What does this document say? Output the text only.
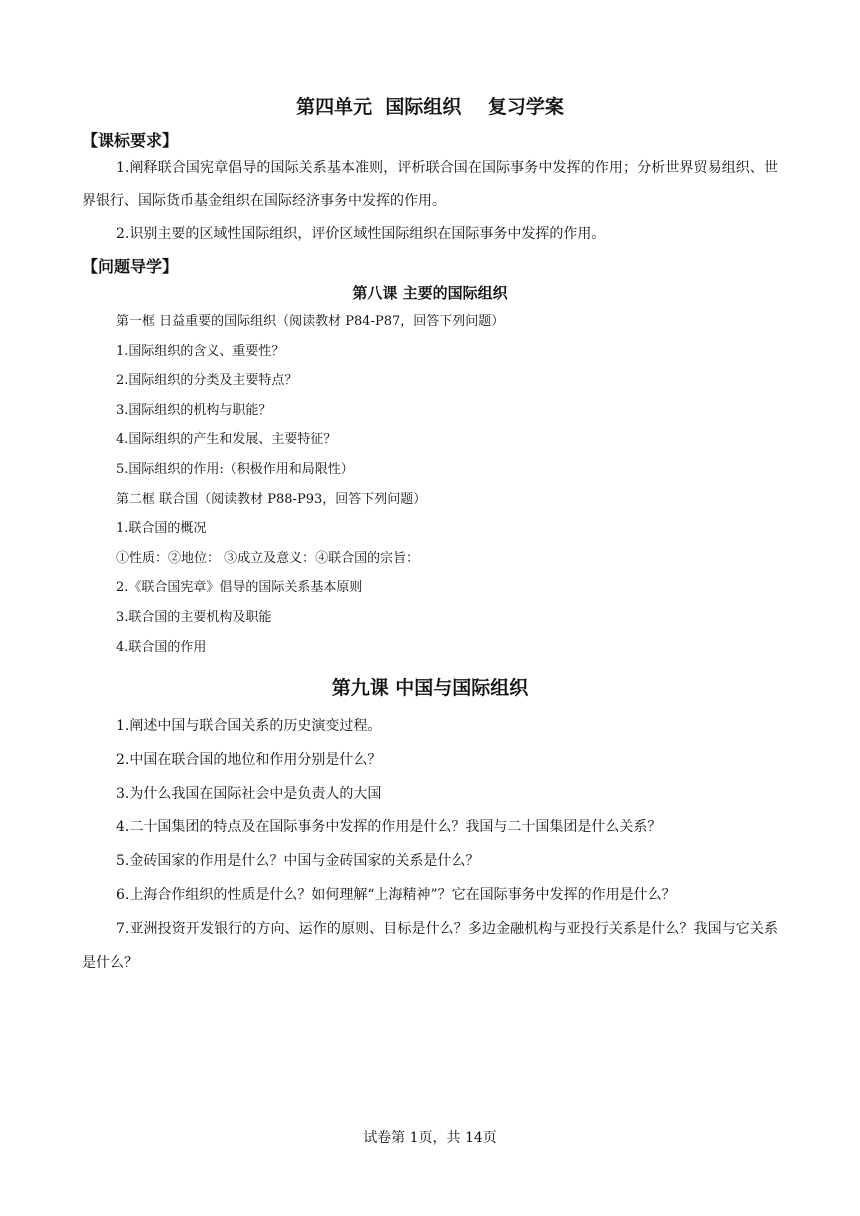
第四单元  国际组织    复习学案
【课标要求】
1.阐释联合国宪章倡导的国际关系基本准则，评析联合国在国际事务中发挥的作用；分析世界贸易组织、世界银行、国际货币基金组织在国际经济事务中发挥的作用。
2.识别主要的区域性国际组织，评价区域性国际组织在国际事务中发挥的作用。
【问题导学】
第八课 主要的国际组织
第一框 日益重要的国际组织（阅读教材 P84-P87，回答下列问题）
1.国际组织的含义、重要性？
2.国际组织的分类及主要特点？
3.国际组织的机构与职能？
4.国际组织的产生和发展、主要特征？
5.国际组织的作用:（积极作用和局限性）
第二框 联合国（阅读教材 P88-P93，回答下列问题）
1.联合国的概况
①性质：②地位： ③成立及意义：④联合国的宗旨：
2.《联合国宪章》倡导的国际关系基本原则
3.联合国的主要机构及职能
4.联合国的作用
第九课 中国与国际组织
1.阐述中国与联合国关系的历史演变过程。
2.中国在联合国的地位和作用分别是什么？
3.为什么我国在国际社会中是负责人的大国
4.二十国集团的特点及在国际事务中发挥的作用是什么？我国与二十国集团是什么关系？
5.金砖国家的作用是什么？中国与金砖国家的关系是什么？
6.上海合作组织的性质是什么？如何理解“上海精神”？它在国际事务中发挥的作用是什么？
7.亚洲投资开发银行的方向、运作的原则、目标是什么？多边金融机构与亚投行关系是什么？我国与它关系是什么？
试卷第 1页，共 14页
